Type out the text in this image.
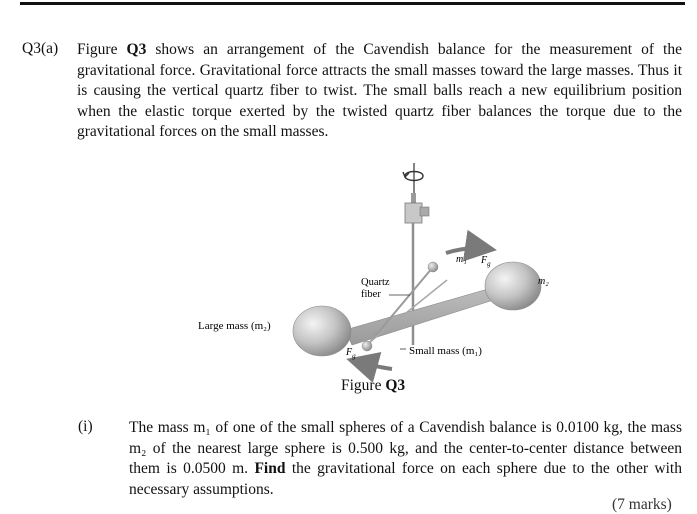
Q3(a) Figure Q3 shows an arrangement of the Cavendish balance for the measurement of the gravitational force. Gravitational force attracts the small masses toward the large masses. Thus it is causing the vertical quartz fiber to twist. The small balls reach a new equilibrium position when the elastic torque exerted by the twisted quartz fiber balances the torque due to the gravitational forces on the small masses.

m₁ $F_g$
m₂
Quartz
fiber
Large mass (m₂)
$F_g$	Small mass (m₁)
Figure Q3
(i) The mass m₁ of one of the small spheres of a Cavendish balance is 0.0100 kg, the mass m₂ of the nearest large sphere is 0.500 kg, and the center-to-center distance between them is 0.0500 m. Find the gravitational force on each sphere due to the other with necessary assumptions.

(7 marks)
